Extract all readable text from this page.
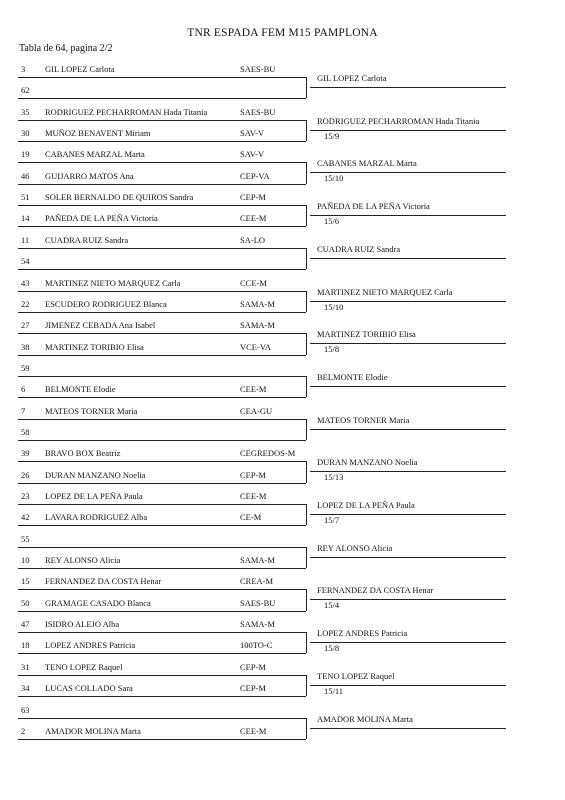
TNR ESPADA FEM M15 PAMPLONA
Tabla de 64, pagina 2/2
3 GIL LOPEZ Carlota	SAES-BU
62
GIL LOPEZ Carlota
35 RODRIGUEZ PECHARROMAN Hada Titania	SAES-BU
30 MUÑOZ BENAVENT Miriam	SAV-V
RODRIGUEZ PECHARROMAN Hada Titania
15/9
19 CABANES MARZAL Marta	SAV-V
46 GUIJARRO MATOS Ana	CEP-VA
CABANES MARZAL Marta
15/10
51 SOLER BERNALDO DE QUIROS Sandra	CEP-M
14 PAÑEDA DE LA PEÑA Victoria	CEE-M
PAÑEDA DE LA PEÑA Victoria
15/6
11 CUADRA RUIZ Sandra	SA-LO
54
CUADRA RUIZ Sandra
43 MARTINEZ NIETO MARQUEZ Carla	CCE-M
22 ESCUDERO RODRIGUEZ Blanca	SAMA-M
MARTINEZ NIETO MARQUEZ Carla
15/10
27 JIMENEZ CEBADA Ana Isabel	SAMA-M
38 MARTINEZ TORIBIO Elisa	VCE-VA
MARTINEZ TORIBIO Elisa
15/8
59
6 BELMONTE Elodie	CEE-M
BELMONTE Elodie
7 MATEOS TORNER Maria	CEA-GU
58
MATEOS TORNER Maria
39 BRAVO BOX Beatriz	CEGREDOS-M
26 DURAN MANZANO Noelia	CEP-M
DURAN MANZANO Noelia
15/13
23 LOPEZ DE LA PEÑA Paula	CEE-M
42 LAVARA RODRIGUEZ Alba	CE-M
LOPEZ DE LA PEÑA Paula
15/7
55
10 REY ALONSO Alicia	SAMA-M
REY ALONSO Alicia
15 FERNANDEZ DA COSTA Henar	CREA-M
50 GRAMAGE CASADO Blanca	SAES-BU
FERNANDEZ DA COSTA Henar
15/4
47 ISIDRO ALEJO Alba	SAMA-M
18 LOPEZ ANDRES Patricia	100TO-C
LOPEZ ANDRES Patricia
15/8
31 TENO LOPEZ Raquel	CEP-M
34 LUCAS COLLADO Sara	CEP-M
TENO LOPEZ Raquel
15/11
63
2 AMADOR MOLINA Marta	CEE-M
AMADOR MOLINA Marta
